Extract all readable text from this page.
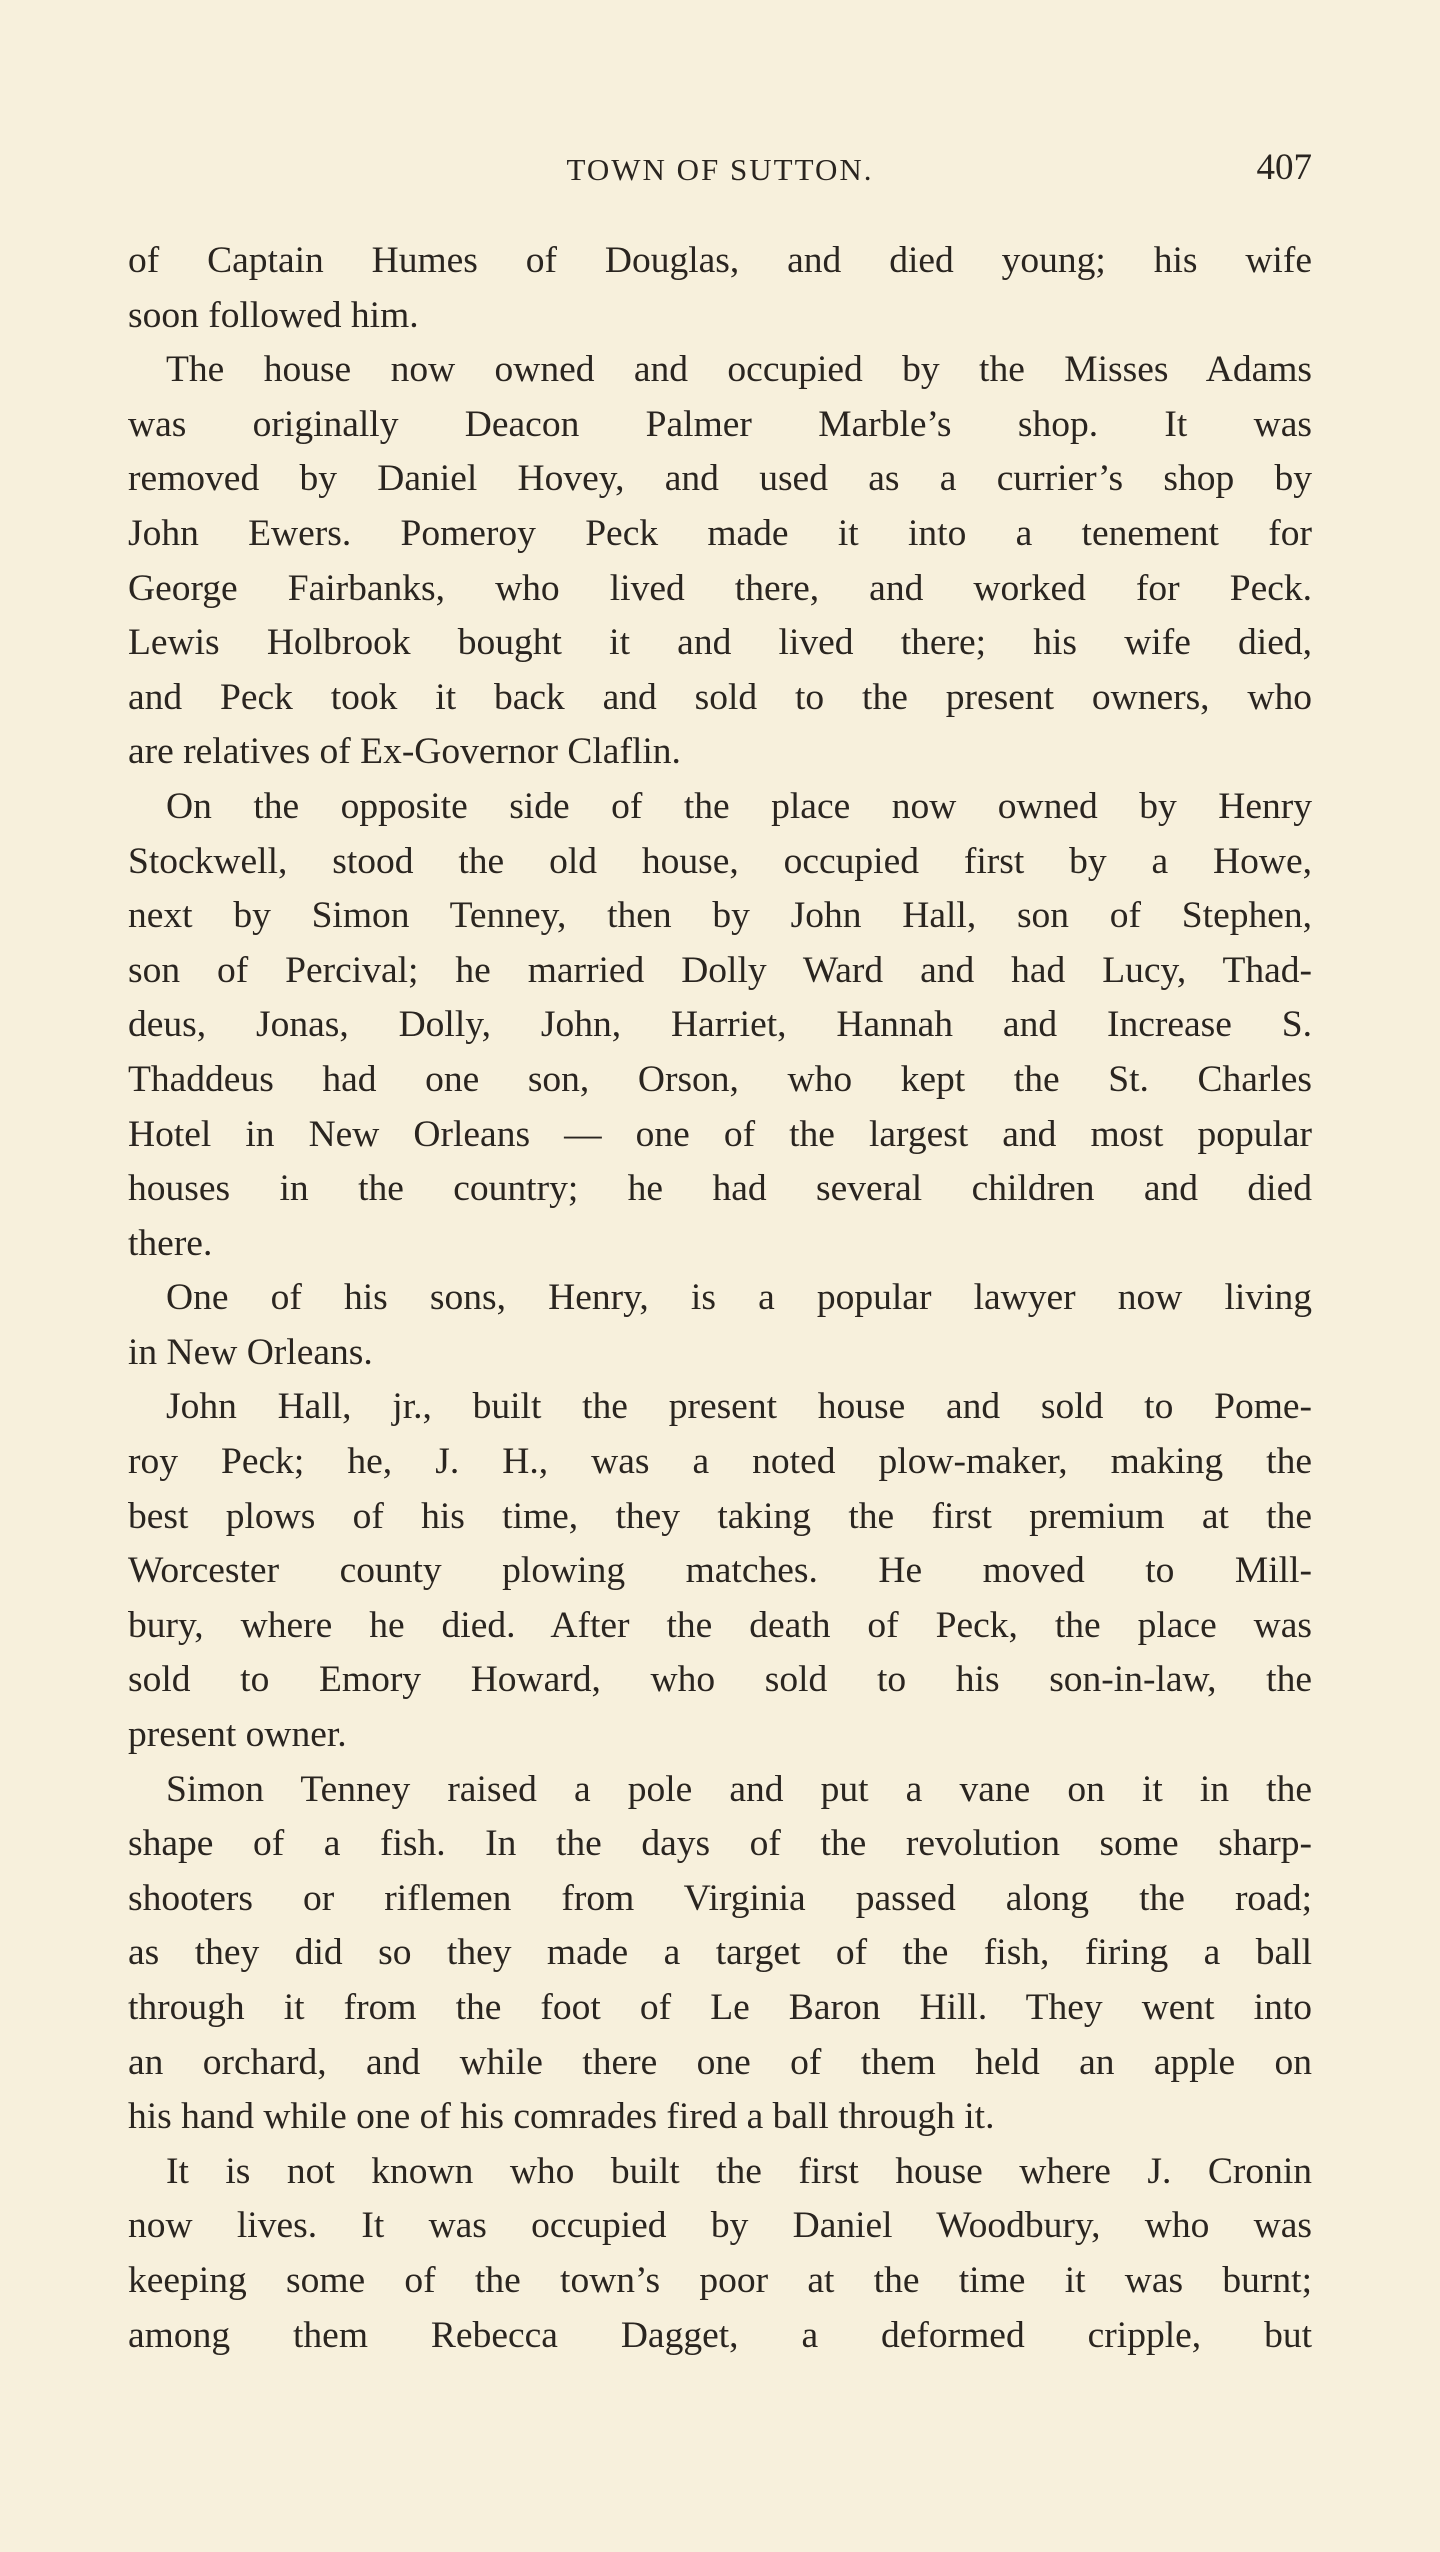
TOWN OF SUTTON.	407
of Captain Humes of Douglas, and died young; his wife
soon followed him.
The house now owned and occupied by the Misses Adams
was originally Deacon Palmer Marble’s shop. It was
removed by Daniel Hovey, and used as a currier’s shop by
John Ewers. Pomeroy Peck made it into a tenement for
George Fairbanks, who lived there, and worked for Peck.
Lewis Holbrook bought it and lived there; his wife died,
and Peck took it back and sold to the present owners, who
are relatives of Ex-Governor Claflin.
On the opposite side of the place now owned by Henry
Stockwell, stood the old house, occupied first by a Howe,
next by Simon Tenney, then by John Hall, son of Stephen,
son of Percival; he married Dolly Ward and had Lucy, Thad-
deus, Jonas, Dolly, John, Harriet, Hannah and Increase S.
Thaddeus had one son, Orson, who kept the St. Charles
Hotel in New Orleans — one of the largest and most popular
houses in the country; he had several children and died
there.
One of his sons, Henry, is a popular lawyer now living
in New Orleans.
John Hall, jr., built the present house and sold to Pome-
roy Peck; he, J. H., was a noted plow-maker, making the
best plows of his time, they taking the first premium at the
Worcester county plowing matches. He moved to Mill-
bury, where he died. After the death of Peck, the place was
sold to Emory Howard, who sold to his son-in-law, the
present owner.
Simon Tenney raised a pole and put a vane on it in the
shape of a fish. In the days of the revolution some sharp-
shooters or riflemen from Virginia passed along the road;
as they did so they made a target of the fish, firing a ball
through it from the foot of Le Baron Hill. They went into
an orchard, and while there one of them held an apple on
his hand while one of his comrades fired a ball through it.
It is not known who built the first house where J. Cronin
now lives. It was occupied by Daniel Woodbury, who was
keeping some of the town’s poor at the time it was burnt;
among them Rebecca Dagget, a deformed cripple, but
